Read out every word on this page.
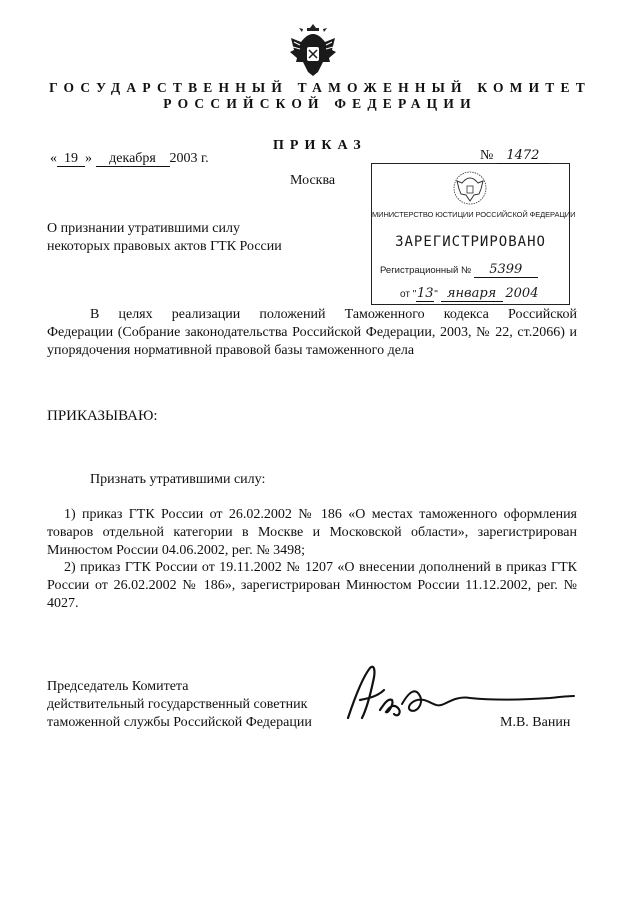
ГОСУДАРСТВЕННЫЙ ТАМОЖЕННЫЙ КОМИТЕТ
РОССИЙСКОЙ ФЕДЕРАЦИИ
ПРИКАЗ
« 19 » декабря 2003 г.
Москва
О признании утратившими силу
некоторых правовых актов ГТК России
МИНИСТЕРСТВО ЮСТИЦИИ РОССИЙСКОЙ ФЕДЕРАЦИИ
ЗАРЕГИСТРИРОВАНО
Регистрационный № 5399
от "13" января 2004
№ 1472
В целях реализации положений Таможенного кодекса Российской
Федерации (Собрание законодательства Российской Федерации, 2003, № 22, ст.2066) и упорядочения нормативной правовой базы таможенного дела
ПРИКАЗЫВАЮ:
Признать утратившими силу:
1) приказ ГТК России от 26.02.2002 № 186 «О местах таможенного оформления товаров отдельной категории в Москве и Московской области», зарегистрирован Минюстом России 04.06.2002, рег. № 3498;
2) приказ ГТК России от 19.11.2002 № 1207 «О внесении дополнений в приказ ГТК России от 26.02.2002 № 186», зарегистрирован Минюстом России 11.12.2002, рег. № 4027.
Председатель Комитета
действительный государственный советник
таможенной службы Российской Федерации	М.В. Ванин
